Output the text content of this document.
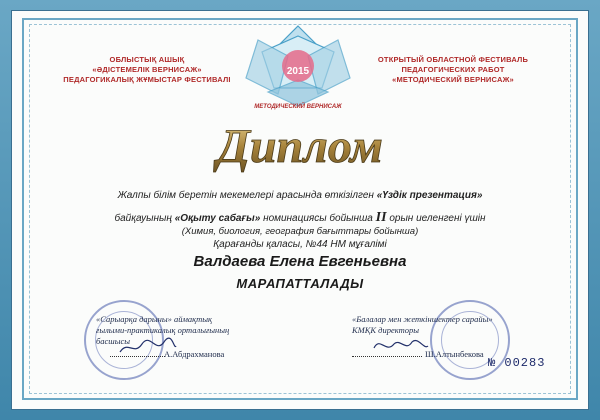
ОБЛЫСТЫҚ АШЫҚ
«ӘДІСТЕМЕЛІК ВЕРНИСАЖ»
ПЕДАГОГИКАЛЫҚ ЖҰМЫСТАР ФЕСТИВАЛІ
2015
МЕТОДИЧЕСКИЙ ВЕРНИСАЖ
ОТКРЫТЫЙ ОБЛАСТНОЙ ФЕСТИВАЛЬ
ПЕДАГОГИЧЕСКИХ РАБОТ
«МЕТОДИЧЕСКИЙ ВЕРНИСАЖ»
Диплом
Жалпы білім беретін мекемелері арасында өткізілген «Үздік презентация»
байқауының «Оқыту сабағы» номинациясы бойынша II орын иеленгені үшін
(Химия, биология, география бағыттары бойынша)
Қарағанды қаласы, №44 НМ мұғалімі
Валдаева Елена Евгеньевна
МАРАПАТТАЛАДЫ
«Сарыарқа дарыны» аймақтық
ғылыми-практикалық орталығының
басшысы
А.Абдрахманова
«Балалар мен жеткіншектер сарайы»
КМҚК директоры
Ш.Алтынбекова
№ 00283
